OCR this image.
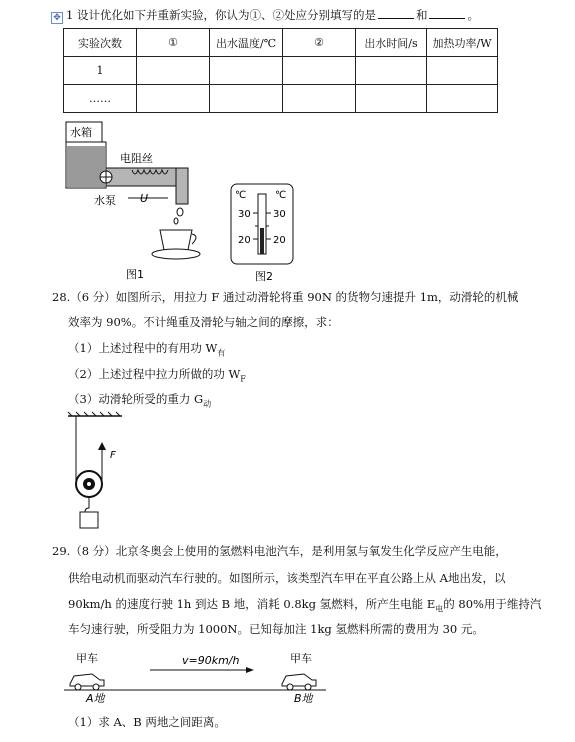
✥ 1 设计优化如下并重新实验，你认为①、②处应分别填写的是	和	。
实验次数	①	出水温度/℃	②	出水时间/s	加热功率/W
1					
……					
水箱
电阻丝
水泵 U
图1
℃	℃
30 30
20 20
图2
28.（6 分）如图所示，用拉力 F 通过动滑轮将重 90N 的货物匀速提升 1m，动滑轮的机械
效率为 90%。不计绳重及滑轮与轴之间的摩擦，求：
（1）上述过程中的有用功 $W_有$
（2）上述过程中拉力所做的功 $W_F$
（3）动滑轮所受的重力 $G_动$
F
29.（8 分）北京冬奥会上使用的氢燃料电池汽车，是利用氢与氧发生化学反应产生电能，
供给电动机而驱动汽车行驶的。如图所示，该类型汽车甲在平直公路上从 A地出发，以
90km/h 的速度行驶 1h 到达 B 地，消耗 0.8kg 氢燃料，所产生电能 $E_电$的 80%用于维持汽
车匀速行驶，所受阻力为 1000N。已知每加注 1kg 氢燃料所需的费用为 30 元。
甲车	甲车
v=90km/h
A地	B地
（1）求 A、B 两地之间距离。
